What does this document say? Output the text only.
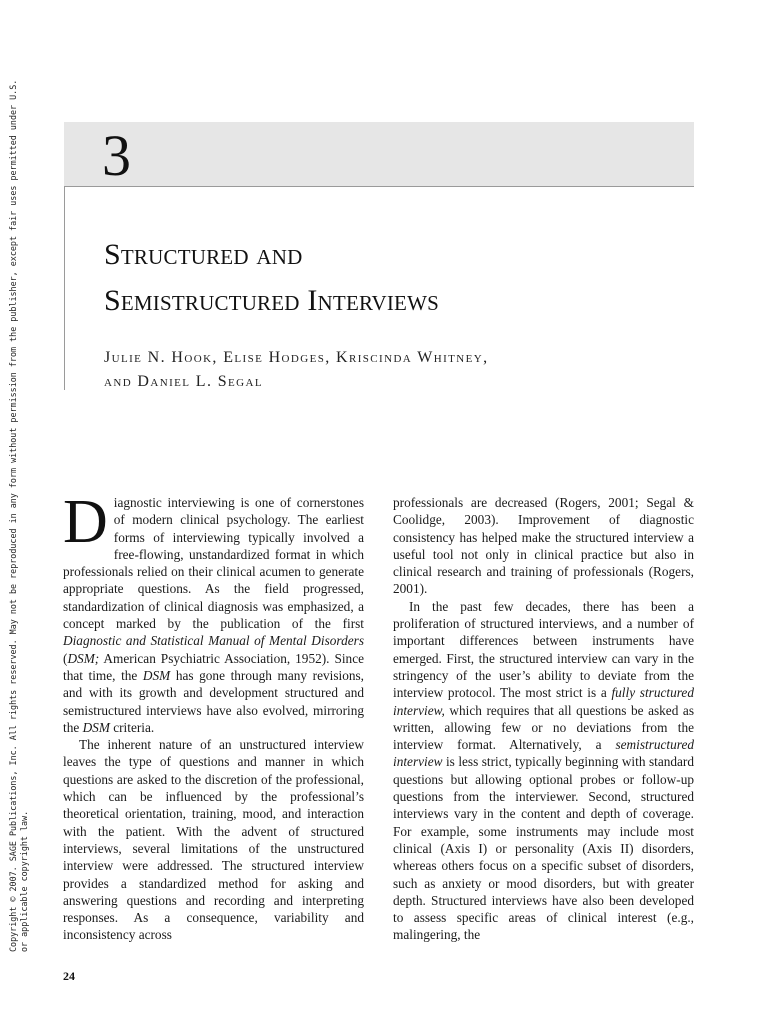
Copyright © 2007. SAGE Publications, Inc. All rights reserved. May not be reproduced in any form without permission from the publisher, except fair uses permitted under U.S. or applicable copyright law.
3
Structured and
Semistructured Interviews
Julie N. Hook, Elise Hodges, Kriscinda Whitney,
and Daniel L. Segal

Diagnostic interviewing is one of cornerstones of modern clinical psychology. The earliest forms of interviewing typically involved a free-flowing, unstandardized format in which professionals relied on their clinical acumen to generate appropriate questions. As the field progressed, standardization of clinical diagnosis was emphasized, a concept marked by the publication of the first Diagnostic and Statistical Manual of Mental Disorders (DSM; American Psychiatric Association, 1952). Since that time, the DSM has gone through many revisions, and with its growth and development structured and semistructured interviews have also evolved, mirroring the DSM criteria.

The inherent nature of an unstructured interview leaves the type of questions and manner in which questions are asked to the discretion of the professional, which can be influenced by the professional’s theoretical orientation, training, mood, and interaction with the patient. With the advent of structured interviews, several limitations of the unstructured interview were addressed. The structured interview provides a standardized method for asking and answering questions and recording and interpreting responses. As a consequence, variability and inconsistency across

professionals are decreased (Rogers, 2001; Segal & Coolidge, 2003). Improvement of diagnostic consistency has helped make the structured interview a useful tool not only in clinical practice but also in clinical research and training of professionals (Rogers, 2001).

In the past few decades, there has been a proliferation of structured interviews, and a number of important differences between instruments have emerged. First, the structured interview can vary in the stringency of the user’s ability to deviate from the interview protocol. The most strict is a fully structured interview, which requires that all questions be asked as written, allowing few or no deviations from the interview format. Alternatively, a semistructured interview is less strict, typically beginning with standard questions but allowing optional probes or follow-up questions from the interviewer. Second, structured interviews vary in the content and depth of coverage. For example, some instruments may include most clinical (Axis I) or personality (Axis II) disorders, whereas others focus on a specific subset of disorders, such as anxiety or mood disorders, but with greater depth. Structured interviews have also been developed to assess specific areas of clinical interest (e.g., malingering, the

24
